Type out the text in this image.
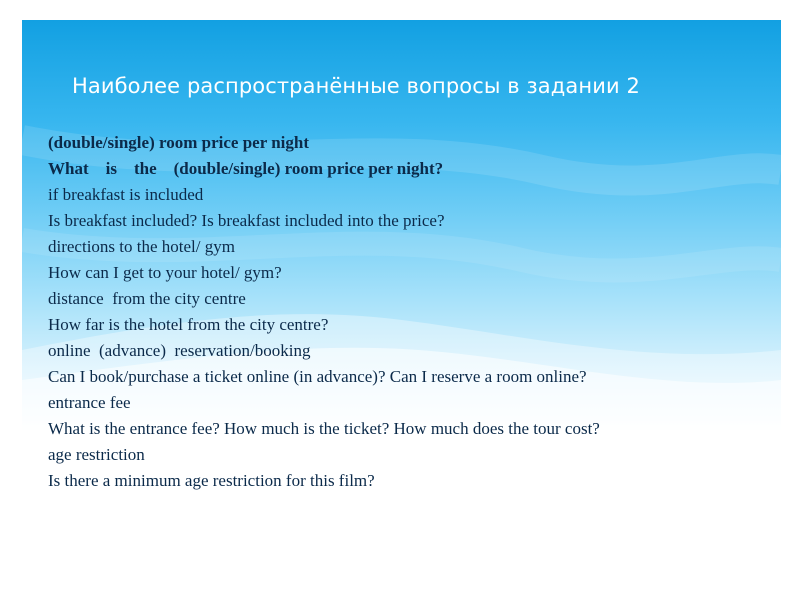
Наиболее распространённые вопросы в задании 2
(double/single) room price per night
What    is    the    (double/single) room price per night?
if breakfast is included
Is breakfast included? Is breakfast included into the price?
directions to the hotel/ gym
How can I get to your hotel/ gym?
distance  from the city centre
How far is the hotel from the city centre?
online  (advance)  reservation/booking
Can I book/purchase a ticket online (in advance)? Can I reserve a room online?
entrance fee
What is the entrance fee? How much is the ticket? How much does the tour cost?
age restriction
Is there a minimum age restriction for this film?
